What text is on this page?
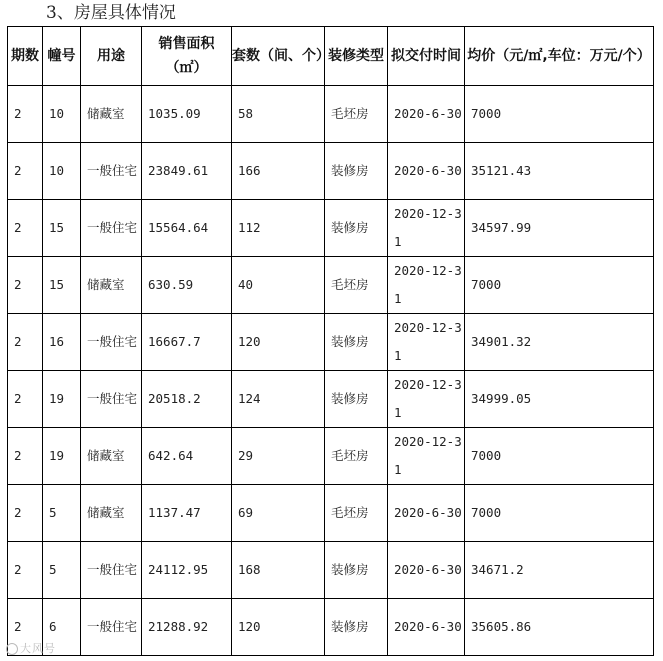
3、房屋具体情况
期数	幢号	用途	销售面积（㎡）	套数（间、个）	装修类型	拟交付时间	均价（元/㎡,车位：万元/个）
2	10	储藏室	1035.09	58	毛坯房	2020-6-30	7000
2	10	一般住宅	23849.61	166	装修房	2020-6-30	35121.43
2	15	一般住宅	15564.64	112	装修房	2020-12-31	34597.99
2	15	储藏室	630.59	40	毛坯房	2020-12-31	7000
2	16	一般住宅	16667.7	120	装修房	2020-12-31	34901.32
2	19	一般住宅	20518.2	124	装修房	2020-12-31	34999.05
2	19	储藏室	642.64	29	毛坯房	2020-12-31	7000
2	5	储藏室	1137.47	69	毛坯房	2020-6-30	7000
2	5	一般住宅	24112.95	168	装修房	2020-6-30	34671.2
2	6	一般住宅	21288.92	120	装修房	2020-6-30	35605.86
大风号
